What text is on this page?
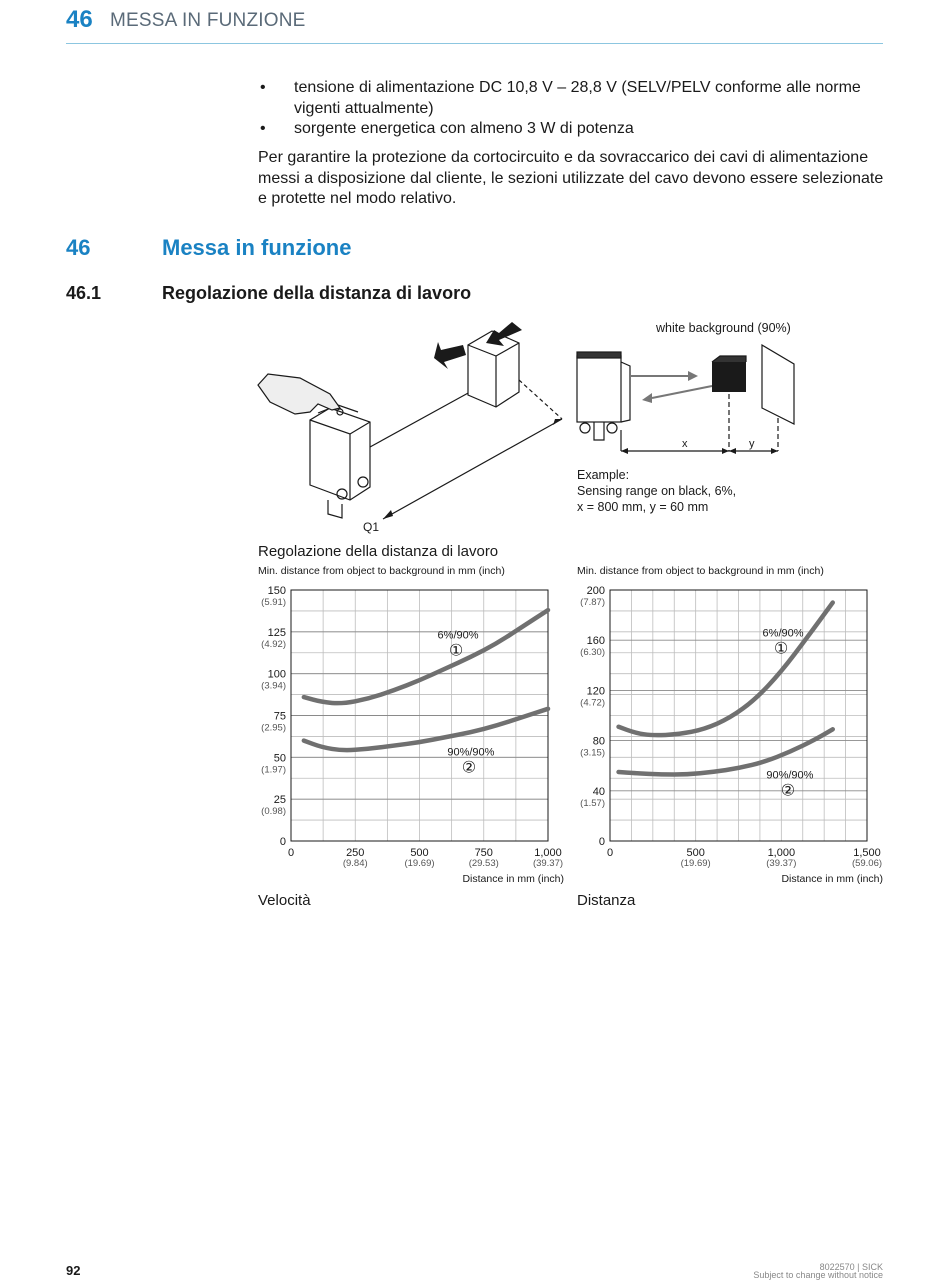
46 MESSA IN FUNZIONE
• tensione di alimentazione DC 10,8 V – 28,8 V (SELV/PELV conforme alle norme vigenti attualmente)
• sorgente energetica con almeno 3 W di potenza
Per garantire la protezione da cortocircuito e da sovraccarico dei cavi di alimentazione messi a disposizione dal cliente, le sezioni utilizzate del cavo devono essere selezionate e protette nel modo relativo.
46	Messa in funzione
46.1	Regolazione della distanza di lavoro
Q1
x	y
white background (90%)
Example:
Sensing range on black, 6%,
x = 800 mm, y = 60 mm
Regolazione della distanza di lavoro
Min. distance from object to background in mm (inch)
0
25
(0.98)
50
(1.97)
75
(2.95)
100
(3.94)
125
(4.92)
150
(5.91)
0	250
(9.84)
500
(19.69)
750
(29.53)
1,000
(39.37)
Distance in mm (inch)
6%/90%
①
90%/90%
②
Min. distance from object to background in mm (inch)
0
40
(1.57)
80
(3.15)
120
(4.72)
160
(6.30)
200
(7.87)
0	500
(19.69)
1,000
(39.37)
1,500
(59.06)
Distance in mm (inch)
6%/90%
①
90%/90%
②
Velocità	Distanza
92	8022570 | SICK
Subject to change without notice
